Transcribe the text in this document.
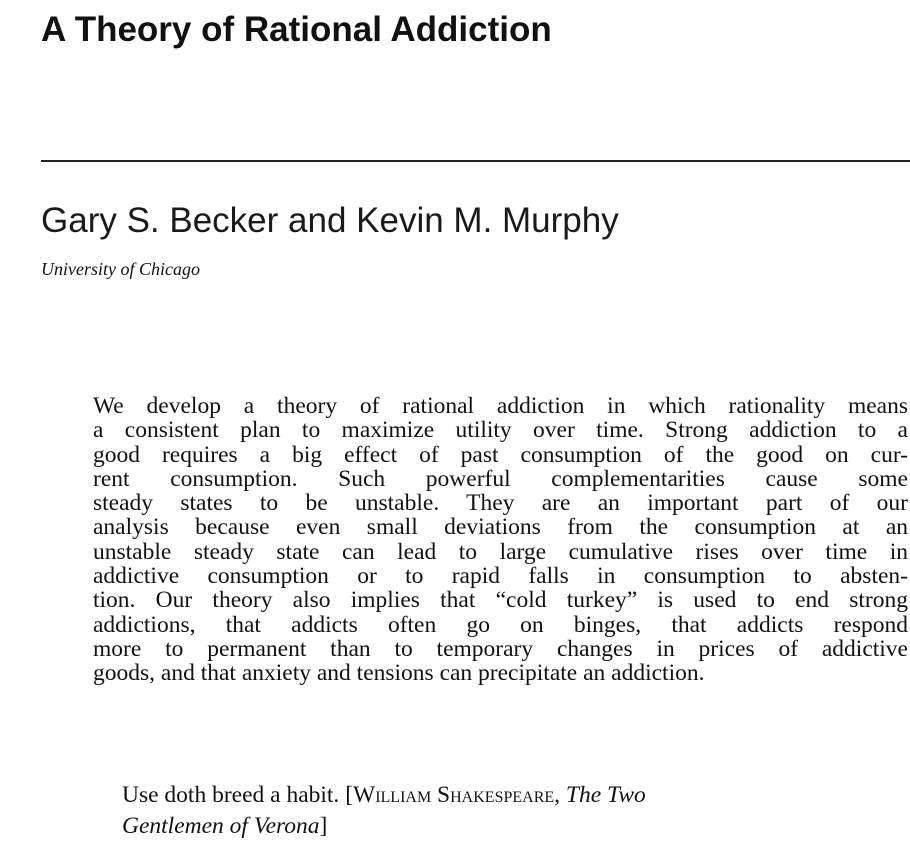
A Theory of Rational Addiction
Gary S. Becker and Kevin M. Murphy
University of Chicago
We develop a theory of rational addiction in which rationality means
a consistent plan to maximize utility over time. Strong addiction to a
good requires a big effect of past consumption of the good on cur-
rent consumption. Such powerful complementarities cause some
steady states to be unstable. They are an important part of our
analysis because even small deviations from the consumption at an
unstable steady state can lead to large cumulative rises over time in
addictive consumption or to rapid falls in consumption to absten-
tion. Our theory also implies that “cold turkey” is used to end strong
addictions, that addicts often go on binges, that addicts respond
more to permanent than to temporary changes in prices of addictive
goods, and that anxiety and tensions can precipitate an addiction.
Use doth breed a habit. [William Shakespeare, The Two
Gentlemen of Verona]
